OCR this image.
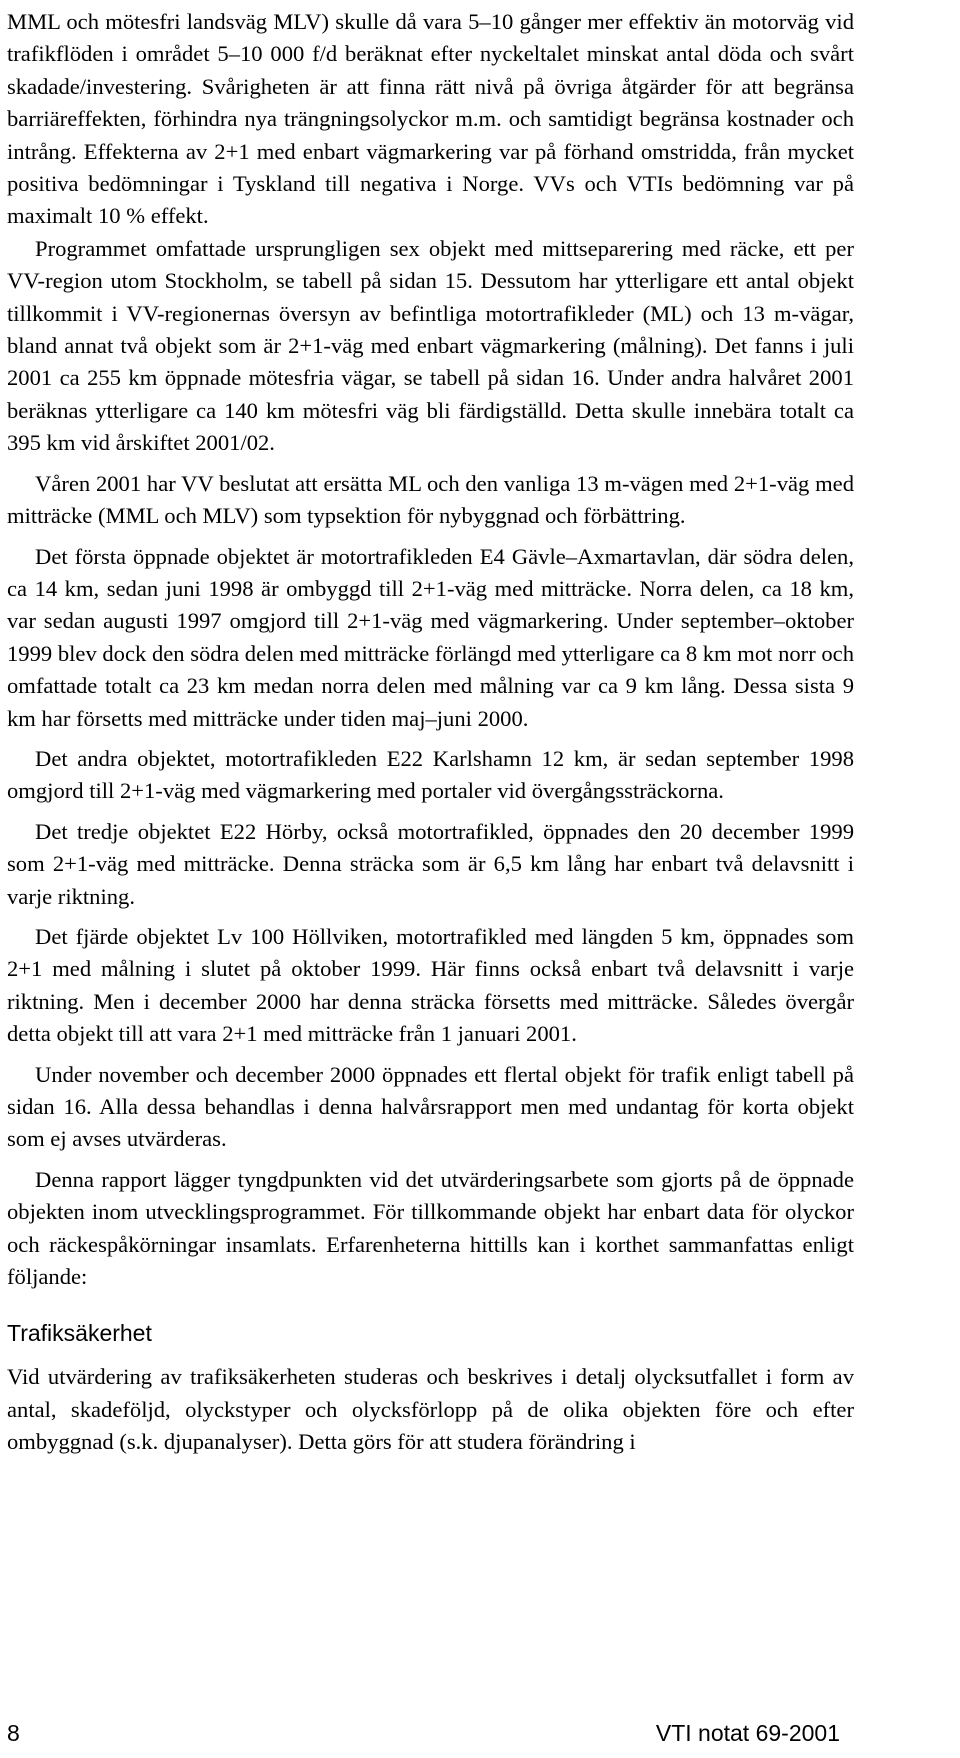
MML och mötesfri landsväg MLV) skulle då vara 5–10 gånger mer effektiv än motorväg vid trafikflöden i området 5–10 000 f/d beräknat efter nyckeltalet minskat antal döda och svårt skadade/investering. Svårigheten är att finna rätt nivå på övriga åtgärder för att begränsa barriäreffekten, förhindra nya trängningsolyckor m.m. och samtidigt begränsa kostnader och intrång. Effekterna av 2+1 med enbart vägmarkering var på förhand omstridda, från mycket positiva bedömningar i Tyskland till negativa i Norge. VVs och VTIs bedömning var på maximalt 10 % effekt.

Programmet omfattade ursprungligen sex objekt med mittseparering med räcke, ett per VV-region utom Stockholm, se tabell på sidan 15. Dessutom har ytterligare ett antal objekt tillkommit i VV-regionernas översyn av befintliga motortrafikleder (ML) och 13 m-vägar, bland annat två objekt som är 2+1-väg med enbart vägmarkering (målning). Det fanns i juli 2001 ca 255 km öppnade mötesfria vägar, se tabell på sidan 16. Under andra halvåret 2001 beräknas ytterligare ca 140 km mötesfri väg bli färdigställd. Detta skulle innebära totalt ca 395 km vid årskiftet 2001/02.

Våren 2001 har VV beslutat att ersätta ML och den vanliga 13 m-vägen med 2+1-väg med mitträcke (MML och MLV) som typsektion för nybyggnad och förbättring.

Det första öppnade objektet är motortrafikleden E4 Gävle–Axmartavlan, där södra delen, ca 14 km, sedan juni 1998 är ombyggd till 2+1-väg med mitträcke. Norra delen, ca 18 km, var sedan augusti 1997 omgjord till 2+1-väg med vägmarkering. Under september–oktober 1999 blev dock den södra delen med mitträcke förlängd med ytterligare ca 8 km mot norr och omfattade totalt ca 23 km medan norra delen med målning var ca 9 km lång. Dessa sista 9 km har försetts med mitträcke under tiden maj–juni 2000.

Det andra objektet, motortrafikleden E22 Karlshamn 12 km, är sedan september 1998 omgjord till 2+1-väg med vägmarkering med portaler vid övergångssträckorna.

Det tredje objektet E22 Hörby, också motortrafikled, öppnades den 20 december 1999 som 2+1-väg med mitträcke. Denna sträcka som är 6,5 km lång har enbart två delavsnitt i varje riktning.

Det fjärde objektet Lv 100 Höllviken, motortrafikled med längden 5 km, öppnades som 2+1 med målning i slutet på oktober 1999. Här finns också enbart två delavsnitt i varje riktning. Men i december 2000 har denna sträcka försetts med mitträcke. Således övergår detta objekt till att vara 2+1 med mitträcke från 1 januari 2001.

Under november och december 2000 öppnades ett flertal objekt för trafik enligt tabell på sidan 16. Alla dessa behandlas i denna halvårsrapport men med undantag för korta objekt som ej avses utvärderas.

Denna rapport lägger tyngdpunkten vid det utvärderingsarbete som gjorts på de öppnade objekten inom utvecklingsprogrammet. För tillkommande objekt har enbart data för olyckor och räckespåkörningar insamlats. Erfarenheterna hittills kan i korthet sammanfattas enligt följande:

Trafiksäkerhet

Vid utvärdering av trafiksäkerheten studeras och beskrives i detalj olycksutfallet i form av antal, skadeföljd, olyckstyper och olycksförlopp på de olika objekten före och efter ombyggnad (s.k. djupanalyser). Detta görs för att studera förändring i

8	VTI notat 69-2001
